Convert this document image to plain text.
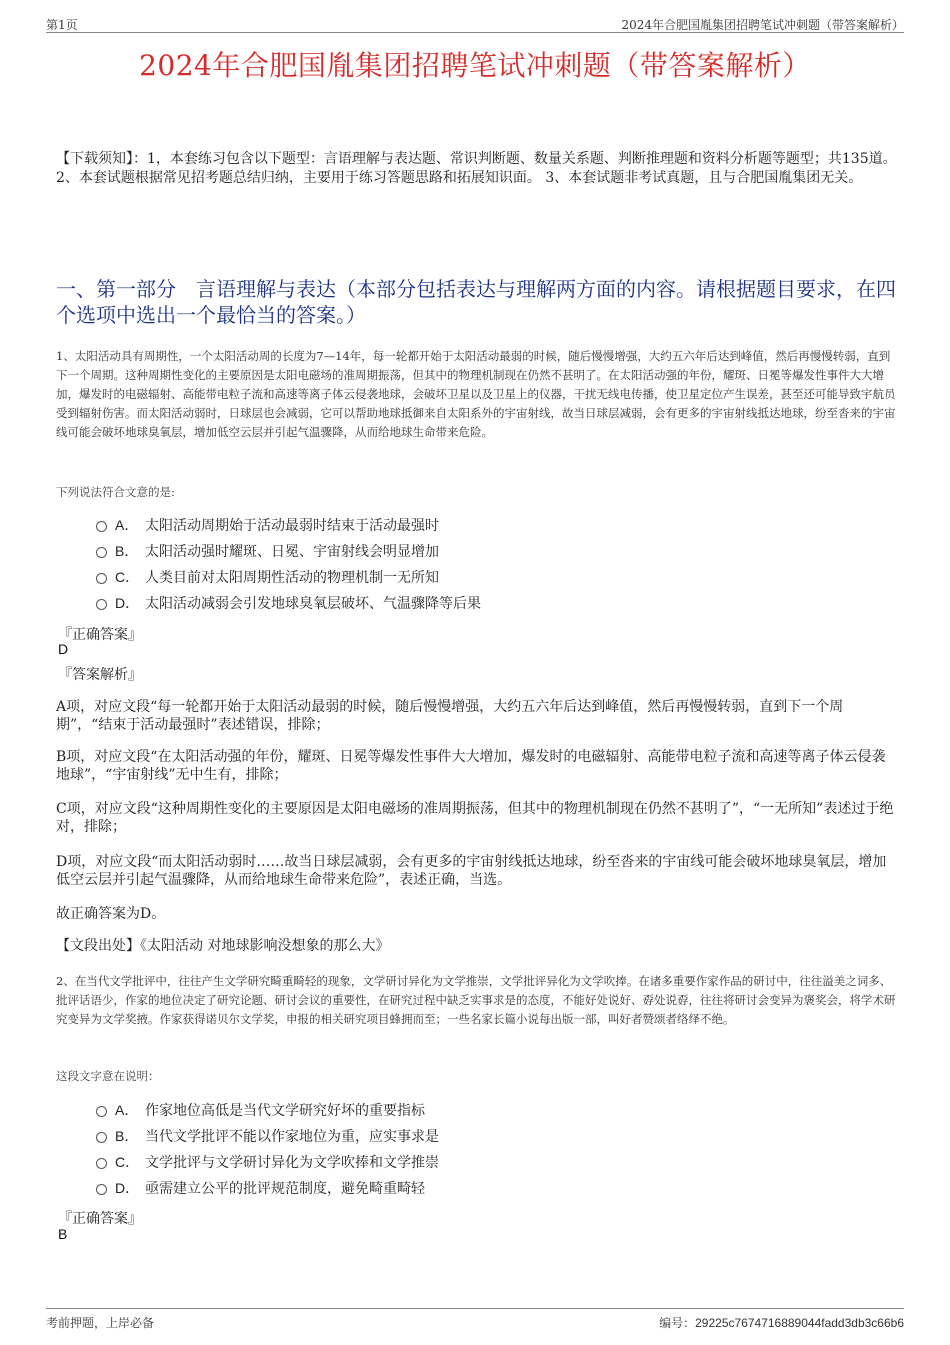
第1页	2024年合肥国胤集团招聘笔试冲刺题（带答案解析）
2024年合肥国胤集团招聘笔试冲刺题（带答案解析）
【下载须知】：1，本套练习包含以下题型：言语理解与表达题、常识判断题、数量关系题、判断推理题和资料分析题等题型；共135道。 2、本套试题根据常见招考题总结归纳，主要用于练习答题思路和拓展知识面。 3、本套试题非考试真题，且与合肥国胤集团无关。
一、第一部分　言语理解与表达（本部分包括表达与理解两方面的内容。请根据题目要求，在四个选项中选出一个最恰当的答案。）
1、太阳活动具有周期性，一个太阳活动周的长度为7—14年，每一轮都开始于太阳活动最弱的时候，随后慢慢增强，大约五六年后达到峰值，然后再慢慢转弱，直到下一个周期。这种周期性变化的主要原因是太阳电磁场的准周期振荡，但其中的物理机制现在仍然不甚明了。在太阳活动强的年份，耀斑、日冕等爆发性事件大大增加，爆发时的电磁辐射、高能带电粒子流和高速等离子体云侵袭地球，会破坏卫星以及卫星上的仪器，干扰无线电传播，使卫星定位产生误差，甚至还可能导致宇航员受到辐射伤害。而太阳活动弱时，日球层也会减弱，它可以帮助地球抵御来自太阳系外的宇宙射线，故当日球层减弱，会有更多的宇宙射线抵达地球，纷至沓来的宇宙线可能会破坏地球臭氧层，增加低空云层并引起气温骤降，从而给地球生命带来危险。
下列说法符合文意的是:
A． 太阳活动周期始于活动最弱时结束于活动最强时
B． 太阳活动强时耀斑、日冕、宇宙射线会明显增加
C． 人类目前对太阳周期性活动的物理机制一无所知
D． 太阳活动减弱会引发地球臭氧层破坏、气温骤降等后果
『正确答案』
D
『答案解析』
A项，对应文段“每一轮都开始于太阳活动最弱的时候，随后慢慢增强，大约五六年后达到峰值，然后再慢慢转弱，直到下一个周期”，“结束于活动最强时”表述错误，排除；
B项，对应文段“在太阳活动强的年份，耀斑、日冕等爆发性事件大大增加，爆发时的电磁辐射、高能带电粒子流和高速等离子体云侵袭地球”，“宇宙射线”无中生有，排除；
C项，对应文段“这种周期性变化的主要原因是太阳电磁场的准周期振荡，但其中的物理机制现在仍然不甚明了”，“一无所知”表述过于绝对，排除；
D项，对应文段“而太阳活动弱时……故当日球层减弱，会有更多的宇宙射线抵达地球，纷至沓来的宇宙线可能会破坏地球臭氧层，增加低空云层并引起气温骤降，从而给地球生命带来危险”，表述正确，当选。
故正确答案为D。
【文段出处】《太阳活动 对地球影响没想象的那么大》
2、在当代文学批评中，往往产生文学研究畸重畸轻的现象，文学研讨异化为文学推崇，文学批评异化为文学吹捧。在诸多重要作家作品的研讨中，往往溢美之词多、批评话语少，作家的地位决定了研究论题、研讨会议的重要性，在研究过程中缺乏实事求是的态度，不能好处说好、孬处说孬，往往将研讨会变异为褒奖会，将学术研究变异为文学奖掖。作家获得诺贝尔文学奖，申报的相关研究项目蜂拥而至；一些名家长篇小说每出版一部，叫好者赞颂者络绎不绝。
这段文字意在说明：
A． 作家地位高低是当代文学研究好坏的重要指标
B． 当代文学批评不能以作家地位为重，应实事求是
C． 文学批评与文学研讨异化为文学吹捧和文学推崇
D． 亟需建立公平的批评规范制度，避免畸重畸轻
『正确答案』
B
考前押题，上岸必备	编号：29225c7674716889044fadd3db3c66b6
